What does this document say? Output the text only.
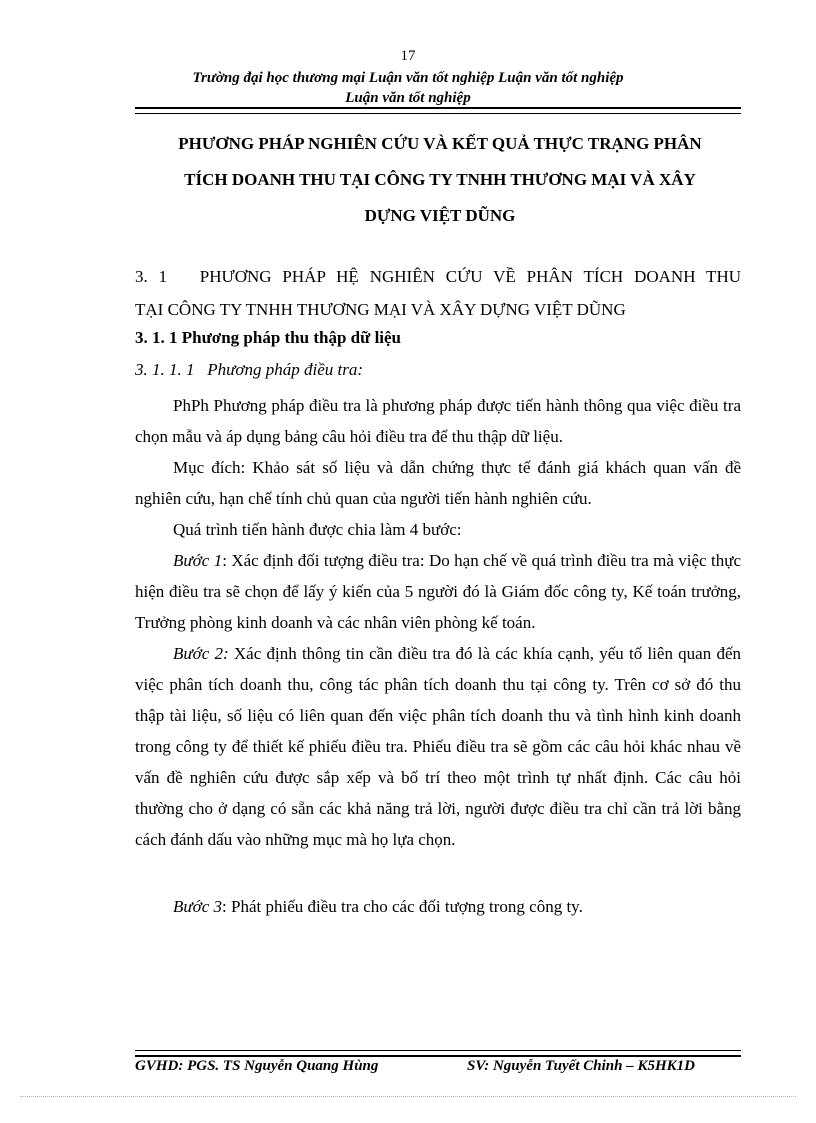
17
Trường đại học thương mại Luận văn tốt nghiệp Luận văn tốt nghiệp
Luận văn tốt nghiệp
PHƯƠNG PHÁP NGHIÊN CỨU VÀ KẾT QUẢ THỰC TRẠNG PHÂN
TÍCH DOANH THU TẠI CÔNG TY TNHH THƯƠNG MẠI VÀ XÂY
DỰNG VIỆT DŨNG
3. 1   PHƯƠNG PHÁP HỆ NGHIÊN CỨU VỀ PHÂN TÍCH DOANH THU
TẠI CÔNG TY TNHH THƯƠNG MẠI VÀ XÂY DỰNG VIỆT DŨNG
3. 1. 1 Phương pháp thu thập dữ liệu
3. 1. 1. 1   Phương pháp điều tra:

PhPh Phương pháp điều tra là phương pháp được tiến hành thông qua việc điều tra chọn mẫu và áp dụng bảng câu hỏi điều tra để thu thập dữ liệu.

Mục đích: Khảo sát số liệu và dẫn chứng thực tế đánh giá khách quan vấn đề nghiên cứu, hạn chế tính chủ quan của người tiến hành nghiên cứu.

Quá trình tiến hành được chia làm 4 bước:

Bước 1: Xác định đối tượng điều tra: Do hạn chế về quá trình điều tra mà việc thực hiện điều tra sẽ chọn để lấy ý kiến của 5 người đó là Giám đốc công ty, Kế toán trưởng, Trưởng phòng kinh doanh và các nhân viên phòng kế toán.

Bước 2: Xác định thông tin cần điều tra đó là các khía cạnh, yếu tố liên quan đến việc phân tích doanh thu, công tác phân tích doanh thu tại công ty. Trên cơ sở đó thu thập tài liệu, số liệu có liên quan đến việc phân tích doanh thu và tình hình kinh doanh trong công ty để thiết kế phiếu điều tra. Phiếu điều tra sẽ gồm các câu hỏi khác nhau về vấn đề nghiên cứu được sắp xếp và bố trí theo một trình tự nhất định. Các câu hỏi thường cho ở dạng có sẵn các khả năng trả lời, người được điều tra chỉ cần trả lời bằng cách đánh dấu vào những mục mà họ lựa chọn.

Bước 3: Phát phiếu điều tra cho các đối tượng trong công ty.

GVHD: PGS. TS Nguyễn Quang Hùng	SV: Nguyễn Tuyết Chinh – K5HK1D
